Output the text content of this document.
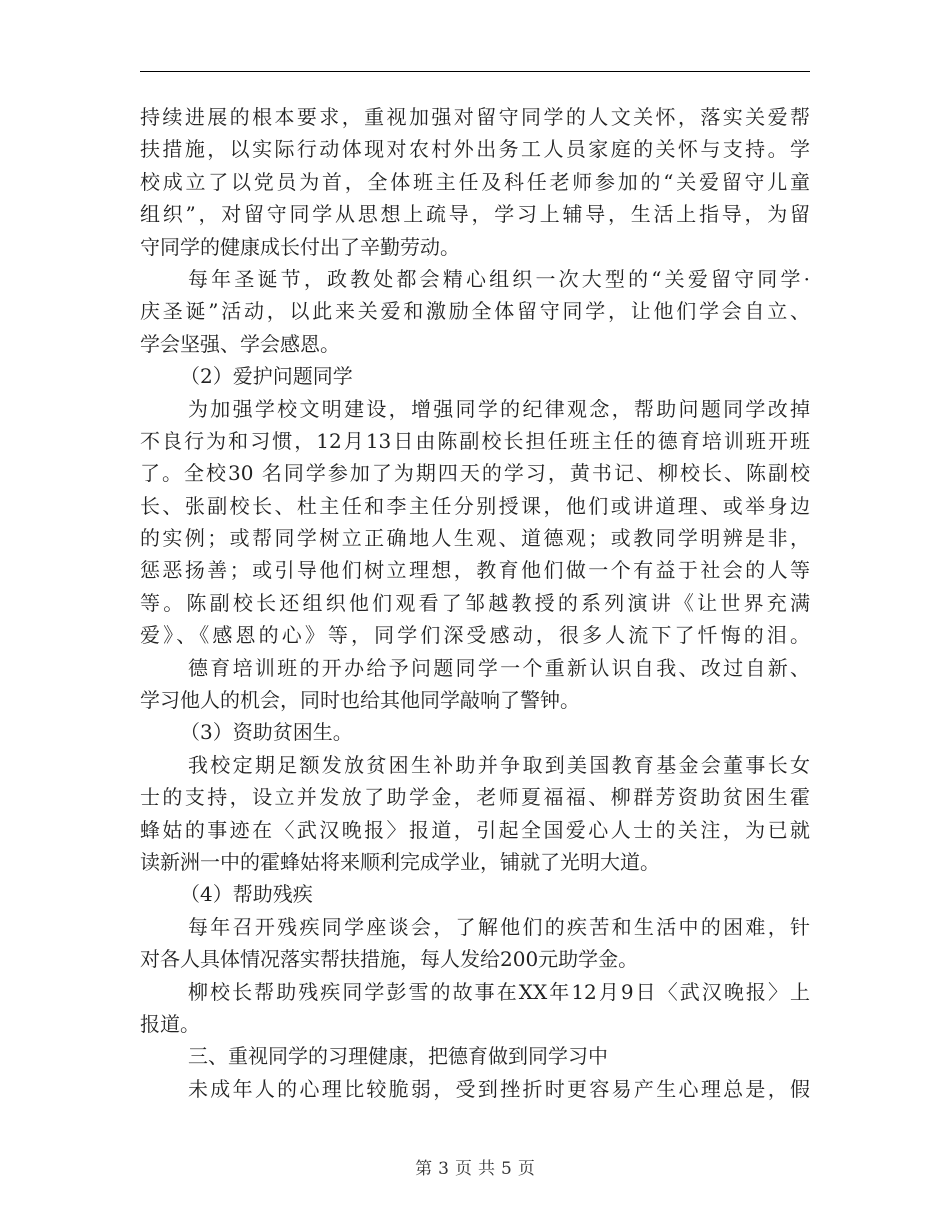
持续进展的根本要求，重视加强对留守同学的人文关怀，落实关爱帮
扶措施，以实际行动体现对农村外出务工人员家庭的关怀与支持。学
校成立了以党员为首，全体班主任及科任老师参加的“关爱留守儿童
组织”，对留守同学从思想上疏导，学习上辅导，生活上指导，为留
守同学的健康成长付出了辛勤劳动。
每年圣诞节，政教处都会精心组织一次大型的“关爱留守同学·
庆圣诞”活动，以此来关爱和激励全体留守同学，让他们学会自立、
学会坚强、学会感恩。
（2）爱护问题同学
为加强学校文明建设，增强同学的纪律观念，帮助问题同学改掉
不良行为和习惯，12月13日由陈副校长担任班主任的德育培训班开班
了。全校30 名同学参加了为期四天的学习，黄书记、柳校长、陈副校
长、张副校长、杜主任和李主任分别授课，他们或讲道理、或举身边
的实例；或帮同学树立正确地人生观、道德观；或教同学明辨是非，
惩恶扬善；或引导他们树立理想，教育他们做一个有益于社会的人等
等。陈副校长还组织他们观看了邹越教授的系列演讲《让世界充满
爱》、《感恩的心》等，同学们深受感动，很多人流下了忏悔的泪。
德育培训班的开办给予问题同学一个重新认识自我、改过自新、
学习他人的机会，同时也给其他同学敲响了警钟。
（3）资助贫困生。
我校定期足额发放贫困生补助并争取到美国教育基金会董事长女
士的支持，设立并发放了助学金，老师夏福福、柳群芳资助贫困生霍
蜂姑的事迹在〈武汉晚报〉报道，引起全国爱心人士的关注，为已就
读新洲一中的霍蜂姑将来顺利完成学业，铺就了光明大道。
（4）帮助残疾
每年召开残疾同学座谈会，了解他们的疾苦和生活中的困难，针
对各人具体情况落实帮扶措施，每人发给200元助学金。
柳校长帮助残疾同学彭雪的故事在XX年12月9日〈武汉晚报〉上
报道。
三、重视同学的习理健康，把德育做到同学习中
未成年人的心理比较脆弱，受到挫折时更容易产生心理总是，假
第 3 页 共 5 页
